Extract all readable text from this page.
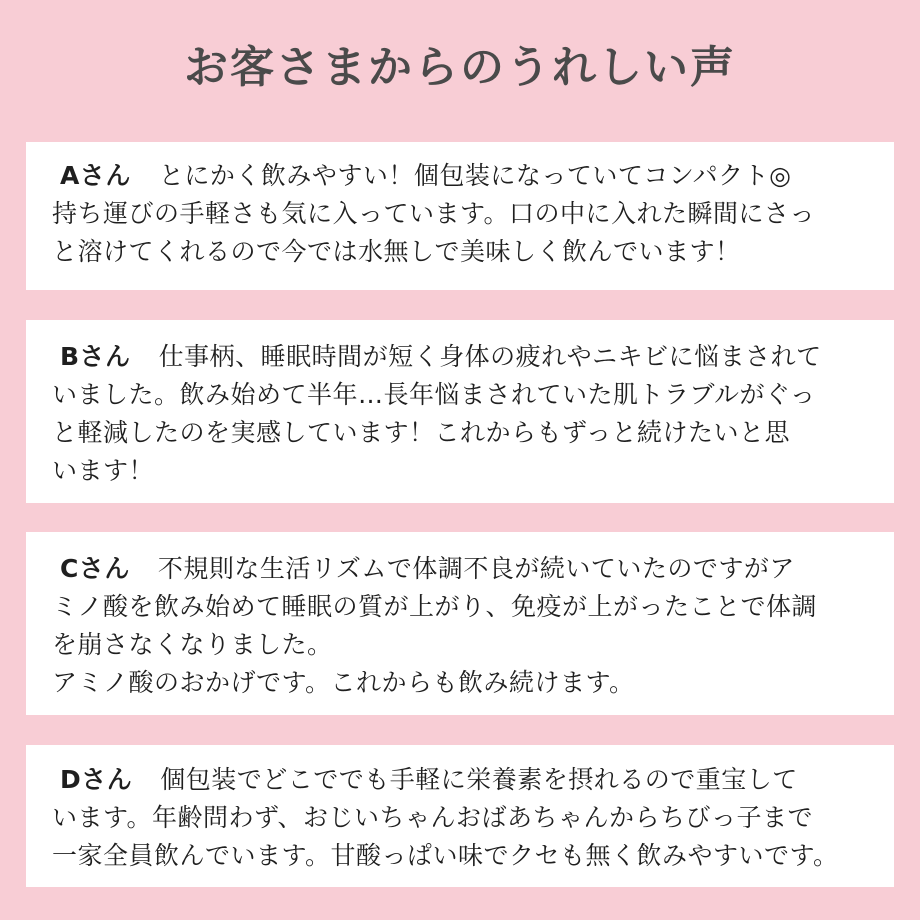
お客さまからのうれしい声
Aさん とにかく飲みやすい！個包装になっていてコンパクト◎
持ち運びの手軽さも気に入っています。口の中に入れた瞬間にさっ
と溶けてくれるので今では水無しで美味しく飲んでいます！
Bさん 仕事柄、睡眠時間が短く身体の疲れやニキビに悩まされて
いました。飲み始めて半年…長年悩まされていた肌トラブルがぐっ
と軽減したのを実感しています！これからもずっと続けたいと思
います！
Cさん 不規則な生活リズムで体調不良が続いていたのですがア
ミノ酸を飲み始めて睡眠の質が上がり、免疫が上がったことで体調
を崩さなくなりました。
アミノ酸のおかげです。これからも飲み続けます。
Dさん 個包装でどこででも手軽に栄養素を摂れるので重宝して
います。年齢問わず、おじいちゃんおばあちゃんからちびっ子まで
一家全員飲んでいます。甘酸っぱい味でクセも無く飲みやすいです。
